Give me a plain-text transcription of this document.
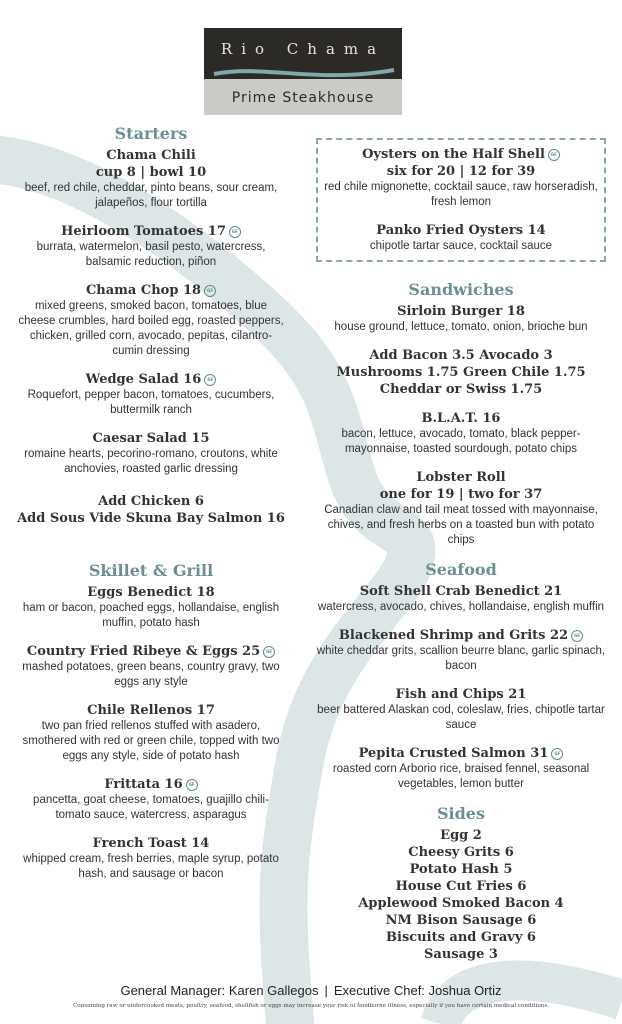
Rio Chama
Prime Steakhouse
Starters
Chama Chili
cup 8 | bowl 10
beef, red chile, cheddar, pinto beans, sour cream, jalapeños, flour tortilla
Heirloom Tomatoes 17 GF
burrata, watermelon, basil pesto, watercress, balsamic reduction, piñon
Chama Chop 18 GF
mixed greens, smoked bacon, tomatoes, blue cheese crumbles, hard boiled egg, roasted peppers, chicken, grilled corn, avocado, pepitas, cilantro-cumin dressing
Wedge Salad 16 GF
Roquefort, pepper bacon, tomatoes, cucumbers, buttermilk ranch
Caesar Salad 15
romaine hearts, pecorino-romano, croutons, white anchovies, roasted garlic dressing
Add Chicken 6
Add Sous Vide Skuna Bay Salmon 16
Skillet & Grill
Eggs Benedict 18
ham or bacon, poached eggs, hollandaise, english muffin, potato hash
Country Fried Ribeye & Eggs 25 GF
mashed potatoes, green beans, country gravy, two eggs any style
Chile Rellenos 17
two pan fried rellenos stuffed with asadero, smothered with red or green chile, topped with two eggs any style, side of potato hash
Frittata 16 GF
pancetta, goat cheese, tomatoes, guajillo chili-tomato sauce, watercress, asparagus
French Toast 14
whipped cream, fresh berries, maple syrup, potato hash, and sausage or bacon
Oysters on the Half Shell GF
six for 20 | 12 for 39
red chile mignonette, cocktail sauce, raw horseradish, fresh lemon
Panko Fried Oysters 14
chipotle tartar sauce, cocktail sauce
Sandwiches
Sirloin Burger 18
house ground, lettuce, tomato, onion, brioche bun
Add Bacon 3.5 Avocado 3
Mushrooms 1.75 Green Chile 1.75
Cheddar or Swiss 1.75
B.L.A.T. 16
bacon, lettuce, avocado, tomato, black pepper-mayonnaise, toasted sourdough, potato chips
Lobster Roll
one for 19 | two for 37
Canadian claw and tail meat tossed with mayonnaise, chives, and fresh herbs on a toasted bun with potato chips
Seafood
Soft Shell Crab Benedict 21
watercress, avocado, chives, hollandaise, english muffin
Blackened Shrimp and Grits 22 GF
white cheddar grits, scallion beurre blanc, garlic spinach, bacon
Fish and Chips 21
beer battered Alaskan cod, coleslaw, fries, chipotle tartar sauce
Pepita Crusted Salmon 31 GF
roasted corn Arborio rice, braised fennel, seasonal vegetables, lemon butter
Sides
Egg 2
Cheesy Grits 6
Potato Hash 5
House Cut Fries 6
Applewood Smoked Bacon 4
NM Bison Sausage 6
Biscuits and Gravy 6
Sausage 3
General Manager: Karen Gallegos | Executive Chef: Joshua Ortiz
Consuming raw or undercooked meats, poultry, seafood, shellfish or eggs may increase your risk of foodborne illness, especially if you have certain medical conditions.
